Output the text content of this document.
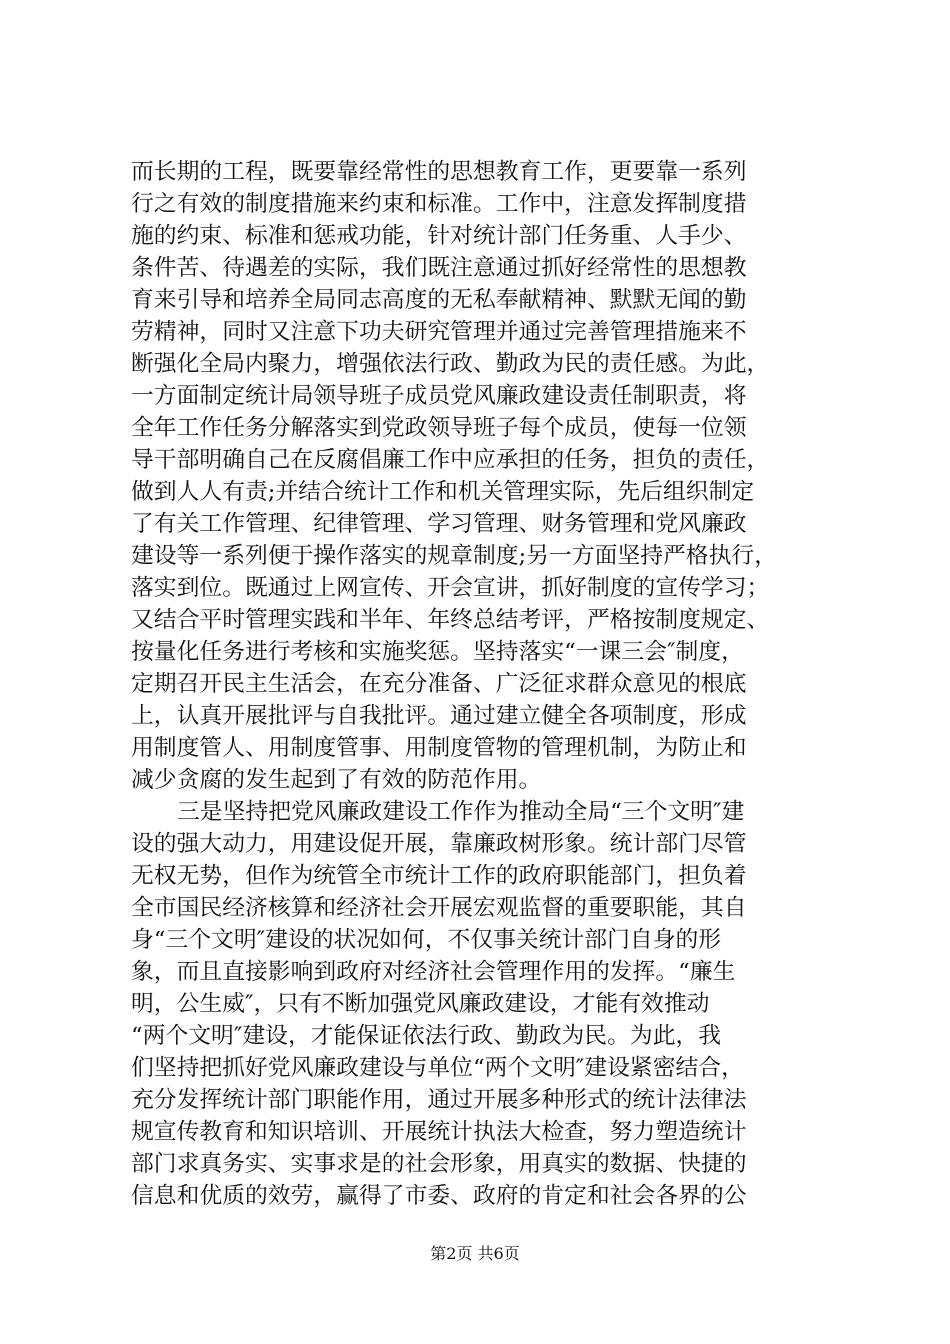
而长期的工程，既要靠经常性的思想教育工作，更要靠一系列
行之有效的制度措施来约束和标准。工作中，注意发挥制度措
施的约束、标准和惩戒功能，针对统计部门任务重、人手少、
条件苦、待遇差的实际，我们既注意通过抓好经常性的思想教
育来引导和培养全局同志高度的无私奉献精神、默默无闻的勤
劳精神，同时又注意下功夫研究管理并通过完善管理措施来不
断强化全局内聚力，增强依法行政、勤政为民的责任感。为此，
一方面制定统计局领导班子成员党风廉政建设责任制职责，将
全年工作任务分解落实到党政领导班子每个成员，使每一位领
导干部明确自己在反腐倡廉工作中应承担的任务，担负的责任，
做到人人有责;并结合统计工作和机关管理实际，先后组织制定
了有关工作管理、纪律管理、学习管理、财务管理和党风廉政
建设等一系列便于操作落实的规章制度;另一方面坚持严格执行，
落实到位。既通过上网宣传、开会宣讲，抓好制度的宣传学习；
又结合平时管理实践和半年、年终总结考评，严格按制度规定、
按量化任务进行考核和实施奖惩。坚持落实“一课三会″制度，
定期召开民主生活会，在充分准备、广泛征求群众意见的根底
上，认真开展批评与自我批评。通过建立健全各项制度，形成
用制度管人、用制度管事、用制度管物的管理机制，为防止和
减少贪腐的发生起到了有效的防范作用。
三是坚持把党风廉政建设工作作为推动全局“三个文明″建
设的强大动力，用建设促开展，靠廉政树形象。统计部门尽管
无权无势，但作为统管全市统计工作的政府职能部门，担负着
全市国民经济核算和经济社会开展宏观监督的重要职能，其自
身“三个文明″建设的状况如何，不仅事关统计部门自身的形
象，而且直接影响到政府对经济社会管理作用的发挥。“廉生
明，公生威″，只有不断加强党风廉政建设，才能有效推动
“两个文明″建设，才能保证依法行政、勤政为民。为此，我
们坚持把抓好党风廉政建设与单位“两个文明″建设紧密结合，
充分发挥统计部门职能作用，通过开展多种形式的统计法律法
规宣传教育和知识培训、开展统计执法大检查，努力塑造统计
部门求真务实、实事求是的社会形象，用真实的数据、快捷的
信息和优质的效劳，赢得了市委、政府的肯定和社会各界的公
第2页 共6页
